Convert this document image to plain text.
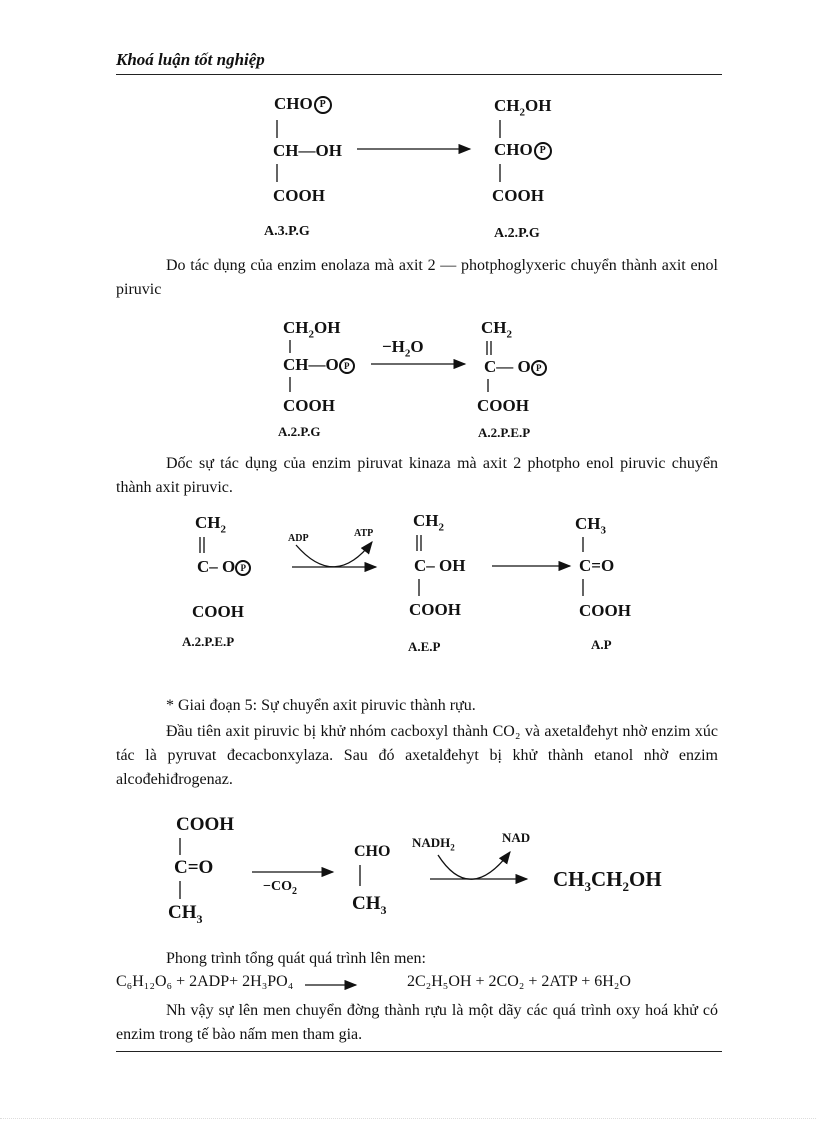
Khoá luận tốt nghiệp
CHO P
CH—OH
COOH
A.3.P.G
$CH_2OH$
CHO P
COOH
A.2.P.G
Do tác dụng của enzim enolaza mà axit 2 — photphoglyxeric chuyển thành axit enol piruvic
$CH_2OH$
CH—O P
COOH
A.2.P.G
$-H_2O$
$CH_2$
C— O P
COOH
A.2.P.E.P
Dốc sự tác dụng của enzim piruvat kinaza mà axit 2 photpho enol piruvic chuyển thành axit piruvic.
$CH_2$
C– O P
COOH
A.2.P.E.P
ADP	ATP
$CH_2$
C– OH
COOH
A.E.P
$CH_3$
C=O
COOH
A.P
* Giai đoạn 5: Sự chuyển axit piruvic thành rựu.
Đầu tiên axit piruvic bị khử nhóm cacboxyl thành CO₂ và axetalđehyt nhờ enzim xúc tác là pyruvat đecacbonxylaza. Sau đó axetalđehyt bị khử thành etanol nhờ enzim alcođehiđrogenaz.
COOH
C=O
$CH_3$
$-CO_2$
CHO
$CH_3$
$NADH_2$
NAD
$CH_3CH_2OH$
Phong trình tổng quát quá trình lên men:
C₆H₁₂O₆ + 2ADP+ 2H₃PO₄	2C₂H₅OH + 2CO₂ + 2ATP + 6H₂O
Nh vậy sự lên men chuyển đờng thành rựu là một dãy các quá trình oxy hoá khử có enzim trong tế bào nấm men tham gia.
